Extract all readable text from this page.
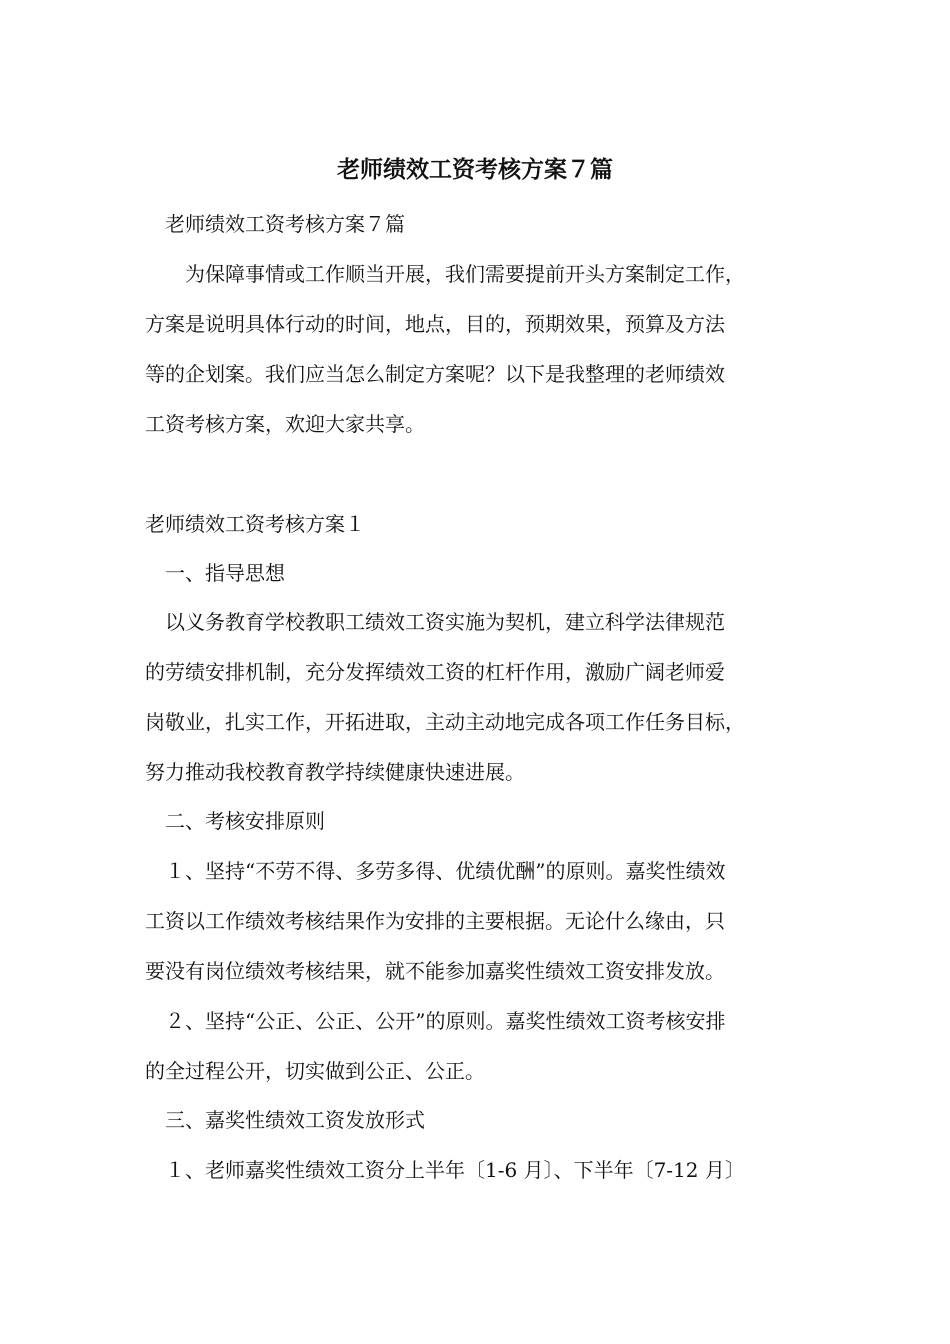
老师绩效工资考核方案７篇
　老师绩效工资考核方案７篇
　　为保障事情或工作顺当开展，我们需要提前开头方案制定工作，
方案是说明具体行动的时间，地点，目的，预期效果，预算及方法
等的企划案。我们应当怎么制定方案呢？以下是我整理的老师绩效
工资考核方案，欢迎大家共享。
老师绩效工资考核方案１
　一、指导思想
　以义务教育学校教职工绩效工资实施为契机，建立科学法律规范
的劳绩安排机制，充分发挥绩效工资的杠杆作用，激励广阔老师爱
岗敬业，扎实工作，开拓进取，主动主动地完成各项工作任务目标，
努力推动我校教育教学持续健康快速进展。
　二、考核安排原则
　１、坚持“不劳不得、多劳多得、优绩优酬”的原则。嘉奖性绩效
工资以工作绩效考核结果作为安排的主要根据。无论什么缘由，只
要没有岗位绩效考核结果，就不能参加嘉奖性绩效工资安排发放。
　２、坚持“公正、公正、公开”的原则。嘉奖性绩效工资考核安排
的全过程公开，切实做到公正、公正。
　三、嘉奖性绩效工资发放形式
　１、老师嘉奖性绩效工资分上半年〔1-6 月〕、下半年〔7-12 月〕
